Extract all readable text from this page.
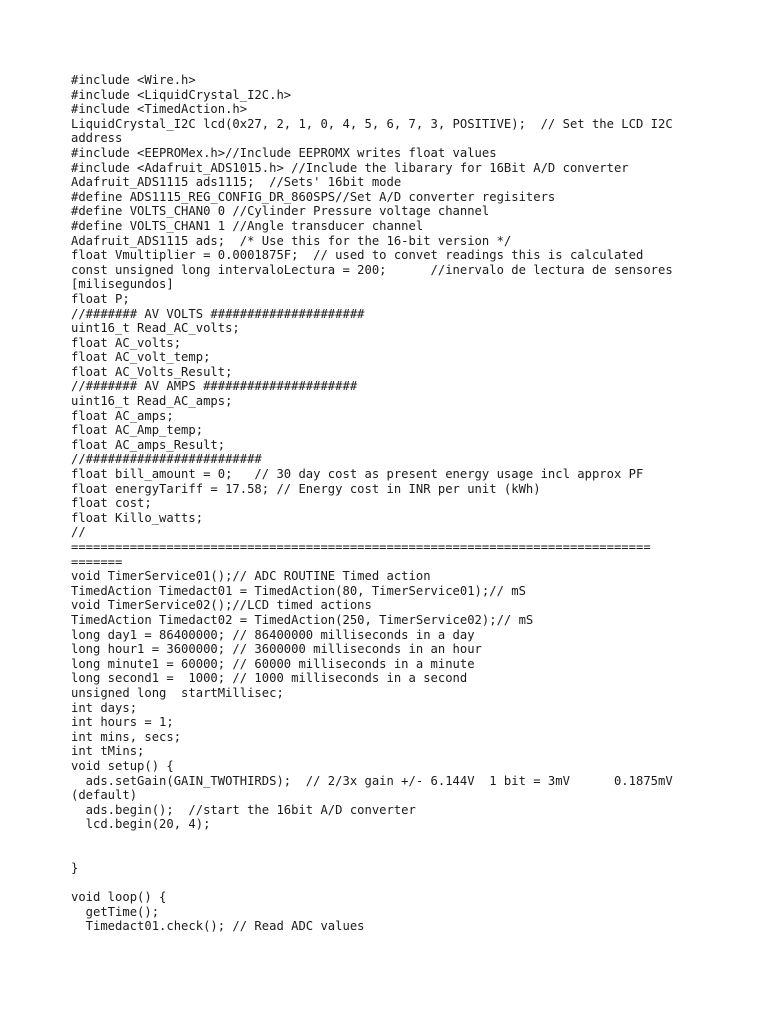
#include <Wire.h>
#include <LiquidCrystal_I2C.h>
#include <TimedAction.h>
LiquidCrystal_I2C lcd(0x27, 2, 1, 0, 4, 5, 6, 7, 3, POSITIVE);  // Set the LCD I2C
address
#include <EEPROMex.h>//Include EEPROMX writes float values
#include <Adafruit_ADS1015.h> //Include the libarary for 16Bit A/D converter
Adafruit_ADS1115 ads1115;  //Sets' 16bit mode
#define ADS1115_REG_CONFIG_DR_860SPS//Set A/D converter regisiters
#define VOLTS_CHAN0 0 //Cylinder Pressure voltage channel
#define VOLTS_CHAN1 1 //Angle transducer channel
Adafruit_ADS1115 ads;  /* Use this for the 16-bit version */
float Vmultiplier = 0.0001875F;  // used to convet readings this is calculated
const unsigned long intervaloLectura = 200;      //inervalo de lectura de sensores
[milisegundos]
float P;
//####### AV VOLTS #####################
uint16_t Read_AC_volts;
float AC_volts;
float AC_volt_temp;
float AC_Volts_Result;
//####### AV AMPS #####################
uint16_t Read_AC_amps;
float AC_amps;
float AC_Amp_temp;
float AC_amps_Result;
//########################
float bill_amount = 0;   // 30 day cost as present energy usage incl approx PF
float energyTariff = 17.58; // Energy cost in INR per unit (kWh)
float cost;
float Killo_watts;
//
===============================================================================
=======
void TimerService01();// ADC ROUTINE Timed action
TimedAction Timedact01 = TimedAction(80, TimerService01);// mS
void TimerService02();//LCD timed actions
TimedAction Timedact02 = TimedAction(250, TimerService02);// mS
long day1 = 86400000; // 86400000 milliseconds in a day
long hour1 = 3600000; // 3600000 milliseconds in an hour
long minute1 = 60000; // 60000 milliseconds in a minute
long second1 =  1000; // 1000 milliseconds in a second
unsigned long  startMillisec;
int days;
int hours = 1;
int mins, secs;
int tMins;
void setup() {
ads.setGain(GAIN_TWOTHIRDS);  // 2/3x gain +/- 6.144V  1 bit = 3mV      0.1875mV
(default)
ads.begin();  //start the 16bit A/D converter
lcd.begin(20, 4);
}
void loop() {
getTime();
Timedact01.check(); // Read ADC values
